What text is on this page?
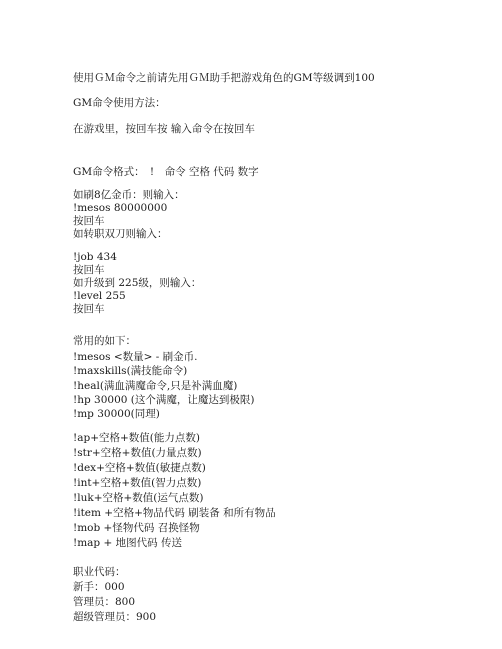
使用ＧＭ命令之前请先用ＧＭ助手把游戏角色的GM等级调到100
GM命令使用方法：
在游戏里，按回车按 输入命令在按回车
GM命令格式：　!　命令 空格 代码 数字
如刷8亿金币：则输入：
!mesos 80000000
按回车
如转职双刀则输入：
!job 434
按回车
如升级到 225级，则输入：
!level 255
按回车
常用的如下：
!mesos <数量> - 刷金币.
!maxskills(满技能命令)
!heal(满血满魔命令,只是补满血魔)
!hp 30000 (这个满魔，让魔达到极限)
!mp 30000(同理)
!ap+空格+数值(能力点数)
!str+空格+数值(力量点数)
!dex+空格+数值(敏捷点数)
!int+空格+数值(智力点数)
!luk+空格+数值(运气点数)
!item +空格+物品代码 刷装备 和所有物品
!mob +怪物代码 召换怪物
!map + 地图代码 传送
职业代码：
新手：000
管理员：800
超级管理员：900
